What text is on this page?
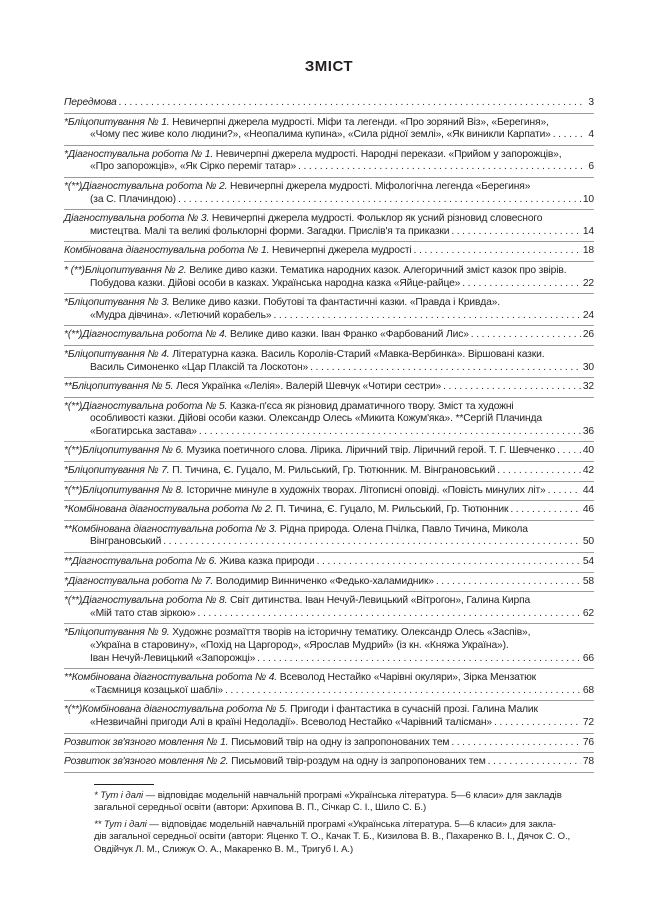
ЗМІСТ
Передмова . . .	3
*Бліцопитування № 1. Невичерпні джерела мудрості. Міфи та легенди. «Про зоряний Віз», «Берегиня»,
«Чому пес живе коло людини?», «Неопалима купина», «Сила рідної землі», «Як виникли Карпати» . . .	4
*Діагностувальна робота № 1. Невичерпні джерела мудрості. Народні перекази. «Прийом у запорожців»,
«Про запорожців», «Як Сірко переміг татар» . . .	6
*(**)Діагностувальна робота № 2. Невичерпні джерела мудрості. Міфологічна легенда «Берегиня»
(за С. Плачиндою) . . .	10
Діагностувальна робота № 3. Невичерпні джерела мудрості. Фольклор як усний різновид словесного
мистецтва. Малі та великі фольклорні форми. Загадки. Прислів'я та приказки . . .	14
Комбінована діагностувальна робота № 1. Невичерпні джерела мудрості . . .	18
* (**)Бліцопитування № 2. Велике диво казки. Тематика народних казок. Алегоричний зміст казок про звірів.
Побудова казки. Дійові особи в казках. Українська народна казка «Яйце-райце» . . .	22
*Бліцопитування № 3. Велике диво казки. Побутові та фантастичні казки. «Правда і Кривда».
«Мудра дівчина». «Летючий корабель» . . .	24
*(**)Діагностувальна робота № 4. Велике диво казки. Іван Франко «Фарбований Лис» . . .	26
*Бліцопитування № 4. Літературна казка. Василь Королів-Старий «Мавка-Вербинка». Віршовані казки.
Василь Симоненко «Цар Плаксій та Лоскотон» . . .	30
**Бліцопитування № 5. Леся Українка «Лелія». Валерій Шевчук «Чотири сестри» . . .	32
*(**)Діагностувальна робота № 5. Казка-п'єса як різновид драматичного твору. Зміст та художні
особливості казки. Дійові особи казки. Олександр Олесь «Микита Кожум'яка». **Сергій Плачинда
«Богатирська застава» . . .	36
*(**)Бліцопитування № 6. Музика поетичного слова. Лірика. Ліричний твір. Ліричний герой. Т. Г. Шевченко . . .	40
*Бліцопитування № 7. П. Тичина, Є. Гуцало, М. Рильський, Гр. Тютюнник. М. Вінграновський . . .	42
*(**)Бліцопитування № 8. Історичне минуле в художніх творах. Літописні оповіді. «Повість минулих літ» . . .	44
*Комбінована діагностувальна робота № 2. П. Тичина, Є. Гуцало, М. Рильський, Гр. Тютюнник . . .	46
**Комбінована діагностувальна робота № 3. Рідна природа. Олена Пчілка, Павло Тичина, Микола
Вінграновський . . .	50
**Діагностувальна робота № 6. Жива казка природи . . .	54
*Діагностувальна робота № 7. Володимир Винниченко «Федько-халамидник» . . .	58
*(**)Діагностувальна робота № 8. Світ дитинства. Іван Нечуй-Левицький «Вітрогон», Галина Кирпа
«Мій тато став зіркою» . . .	62
*Бліцопитування № 9. Художнє розмаїття творів на історичну тематику. Олександр Олесь «Заспів»,
«Україна в старовину», «Похід на Царгород», «Ярослав Мудрий» (із кн. «Княжа Україна»).
Іван Нечуй-Левицький «Запорожці» . . .	66
**Комбінована діагностувальна робота № 4. Всеволод Нестайко «Чарівні окуляри», Зірка Мензатюк
«Таємниця козацької шаблі» . . .	68
*(**)Комбінована діагностувальна робота № 5. Пригоди і фантастика в сучасній прозі. Галина Малик
«Незвичайні пригоди Алі в країні Недоладії». Всеволод Нестайко «Чарівний талісман» . . .	72
Розвиток зв'язного мовлення № 1. Письмовий твір на одну із запропонованих тем . . .	76
Розвиток зв'язного мовлення № 2. Письмовий твір-роздум на одну із запропонованих тем . . .	78
* Тут і далі — відповідає модельній навчальній програмі «Українська література. 5—6 класи» для закладів
загальної середньої освіти (автори: Архипова В. П., Січкар С. І., Шило С. Б.)
** Тут і далі — відповідає модельній навчальній програмі «Українська література. 5—6 класи» для закла-
дів загальної середньої освіти (автори: Яценко Т. О., Качак Т. Б., Кизилова В. В., Пахаренко В. І., Дячок С. О.,
Овдійчук Л. М., Слижук О. А., Макаренко В. М., Тригуб І. А.)
